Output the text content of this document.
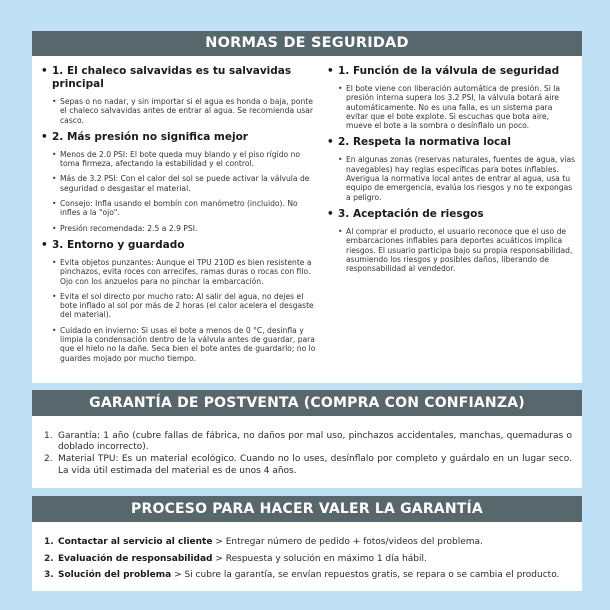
NORMAS DE SEGURIDAD
• 1. El chaleco salvavidas es tu salvavidas principal
• Sepas o no nadar, y sin importar si el agua es honda o baja, ponte el chaleco salvavidas antes de entrar al agua. Se recomienda usar casco.
• 2. Más presión no significa mejor
• Menos de 2.0 PSI: El bote queda muy blando y el piso rígido no toma firmeza, afectando la estabilidad y el control.
• Más de 3.2 PSI: Con el calor del sol se puede activar la válvula de seguridad o desgastar el material.
• Consejo: Infla usando el bombín con manómetro (incluido). No infles a la "ojo".
• Presión recomendada: 2.5 a 2.9 PSI.
• 3. Entorno y guardado
• Evita objetos punzantes: Aunque el TPU 210D es bien resistente a pinchazos, evita roces con arrecifes, ramas duras o rocas con filo. Ojo con los anzuelos para no pinchar la embarcación.
• Evita el sol directo por mucho rato: Al salir del agua, no dejes el bote inflado al sol por más de 2 horas (el calor acelera el desgaste del material).
• Cuidado en invierno: Si usas el bote a menos de 0 °C, desinfla y limpia la condensación dentro de la válvula antes de guardar, para que el hielo no la dañe. Seca bien el bote antes de guardarlo; no lo guardes mojado por mucho tiempo.
• 1. Función de la válvula de seguridad
• El bote viene con liberación automática de presión. Si la presión interna supera los 3.2 PSI, la válvula botará aire automáticamente. No es una falla, es un sistema para evitar que el bote explote. Si escuchas que bota aire, mueve el bote a la sombra o desínflalo un poco.
• 2. Respeta la normativa local
• En algunas zonas (reservas naturales, fuentes de agua, vías navegables) hay reglas específicas para botes inflables. Averigua la normativa local antes de entrar al agua, usa tu equipo de emergencia, evalúa los riesgos y no te expongas a peligro.
• 3. Aceptación de riesgos
• Al comprar el producto, el usuario reconoce que el uso de embarcaciones inflables para deportes acuáticos implica riesgos. El usuario participa bajo su propia responsabilidad, asumiendo los riesgos y posibles daños, liberando de responsabilidad al vendedor.
GARANTÍA DE POSTVENTA (COMPRA CON CONFIANZA)
1. Garantía: 1 año (cubre fallas de fábrica, no daños por mal uso, pinchazos accidentales, manchas, quemaduras o doblado incorrecto).
2. Material TPU: Es un material ecológico. Cuando no lo uses, desínflalo por completo y guárdalo en un lugar seco. La vida útil estimada del material es de unos 4 años.
PROCESO PARA HACER VALER LA GARANTÍA
1. Contactar al servicio al cliente > Entregar número de pedido + fotos/videos del problema.
2. Evaluación de responsabilidad > Respuesta y solución en máximo 1 día hábil.
3. Solución del problema > Si cubre la garantía, se envían repuestos gratis, se repara o se cambia el producto.
